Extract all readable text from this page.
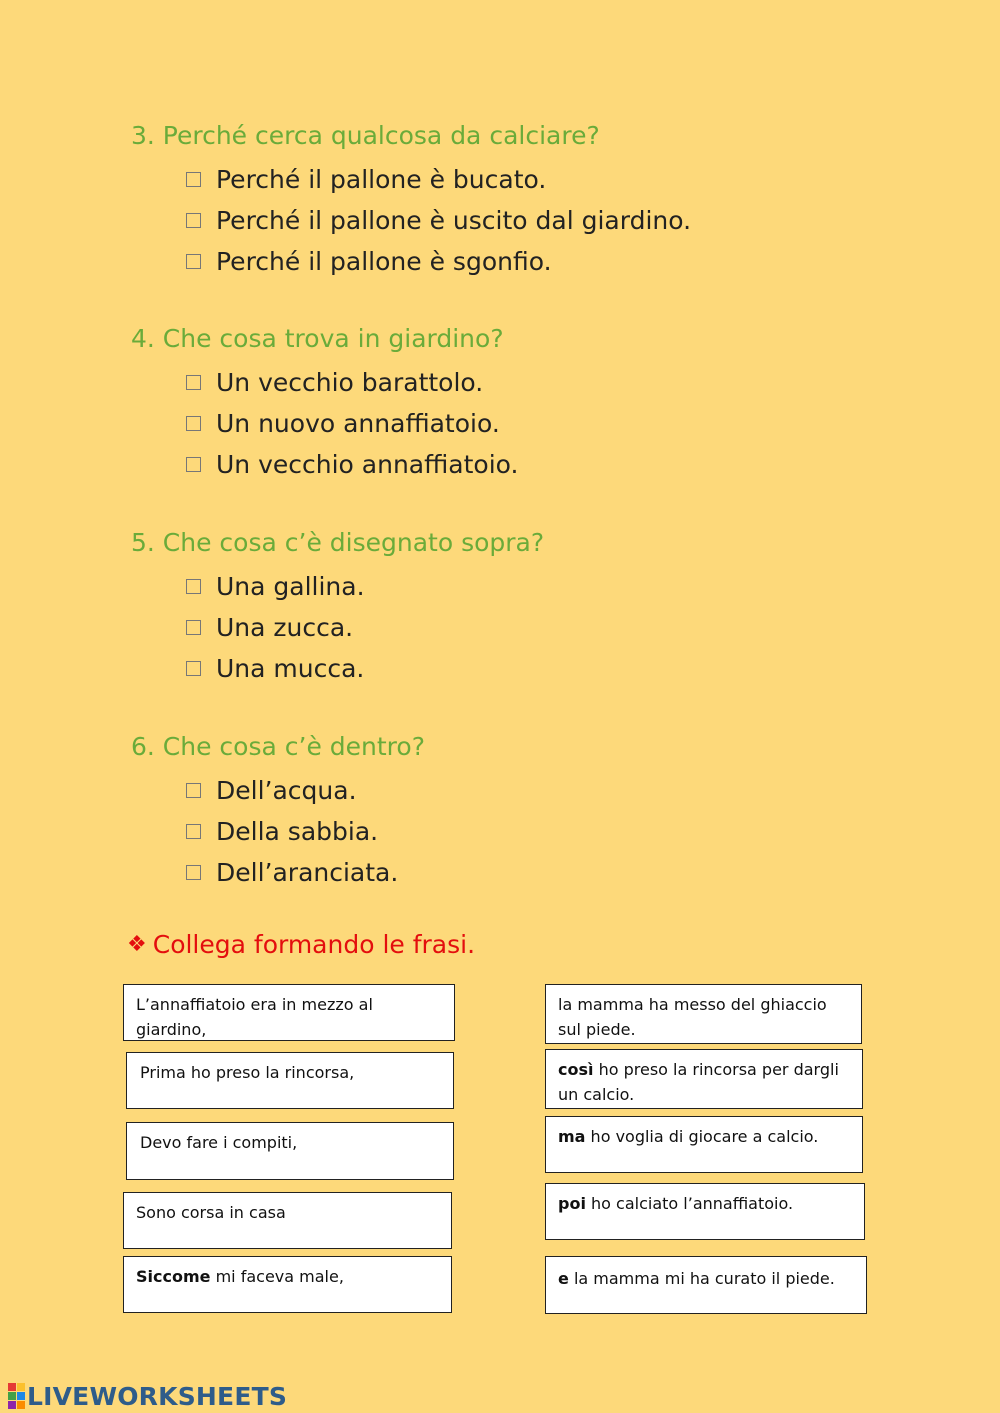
3. Perché cerca qualcosa da calciare?
Perché il pallone è bucato.
Perché il pallone è uscito dal giardino.
Perché il pallone è sgonfio.
4. Che cosa trova in giardino?
Un vecchio barattolo.
Un nuovo annaffiatoio.
Un vecchio annaffiatoio.
5. Che cosa c’è disegnato sopra?
Una gallina.
Una zucca.
Una mucca.
6. Che cosa c’è dentro?
Dell’acqua.
Della sabbia.
Dell’aranciata.
❖ Collega formando le frasi.
L’annaffiatoio era in mezzo al giardino,
Prima ho preso la rincorsa,
Devo fare i compiti,
Sono corsa in casa
Siccome mi faceva male,
la mamma ha messo del ghiaccio sul piede.
così ho preso la rincorsa per dargli un calcio.
ma ho voglia di giocare a calcio.
poi ho calciato l’annaffiatoio.
e la mamma mi ha curato il piede.
LIVEWORKSHEETS
